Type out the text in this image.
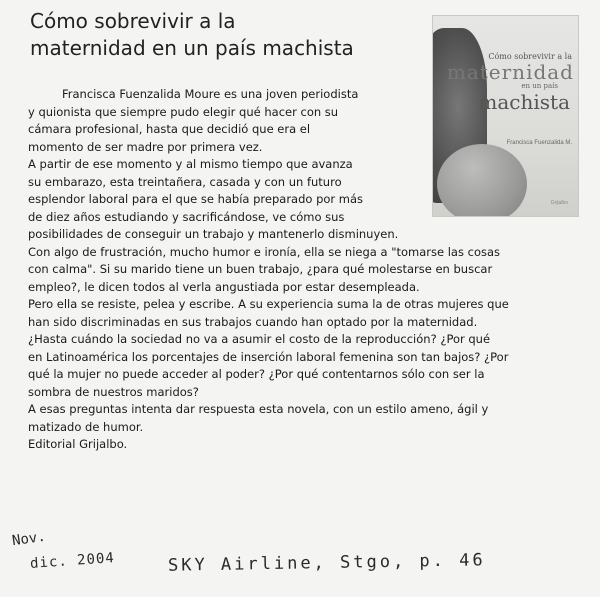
Cómo sobrevivir a la
maternidad en un país machista	Cómo sobrevivir a la
maternidad
en un país
machista
Francisca Fuenzalida M.
Grijalbo

Francisca Fuenzalida Moure es una joven periodista
y quionista que siempre pudo elegir qué hacer con su
cámara profesional, hasta que decidió que era el
momento de ser madre por primera vez.

A partir de ese momento y al mismo tiempo que avanza
su embarazo, esta treintañera, casada y con un futuro
esplendor laboral para el que se había preparado por más
de diez años estudiando y sacrificándose, ve cómo sus
posibilidades de conseguir un trabajo y mantenerlo disminuyen.

Con algo de frustración, mucho humor e ironía, ella se niega a "tomarse las cosas
con calma". Si su marido tiene un buen trabajo, ¿para qué molestarse en buscar
empleo?, le dicen todos al verla angustiada por estar desempleada.

Pero ella se resiste, pelea y escribe. A su experiencia suma la de otras mujeres que
han sido discriminadas en sus trabajos cuando han optado por la maternidad.
¿Hasta cuándo la sociedad no va a asumir el costo de la reproducción? ¿Por qué
en Latinoamérica los porcentajes de inserción laboral femenina son tan bajos? ¿Por
qué la mujer no puede acceder al poder? ¿Por qué contentarnos sólo con ser la
sombra de nuestros maridos?

A esas preguntas intenta dar respuesta esta novela, con un estilo ameno, ágil y
matizado de humor.

Editorial Grijalbo.

Nov.
dic. 2004	SKY Airline, Stgo, p. 46
